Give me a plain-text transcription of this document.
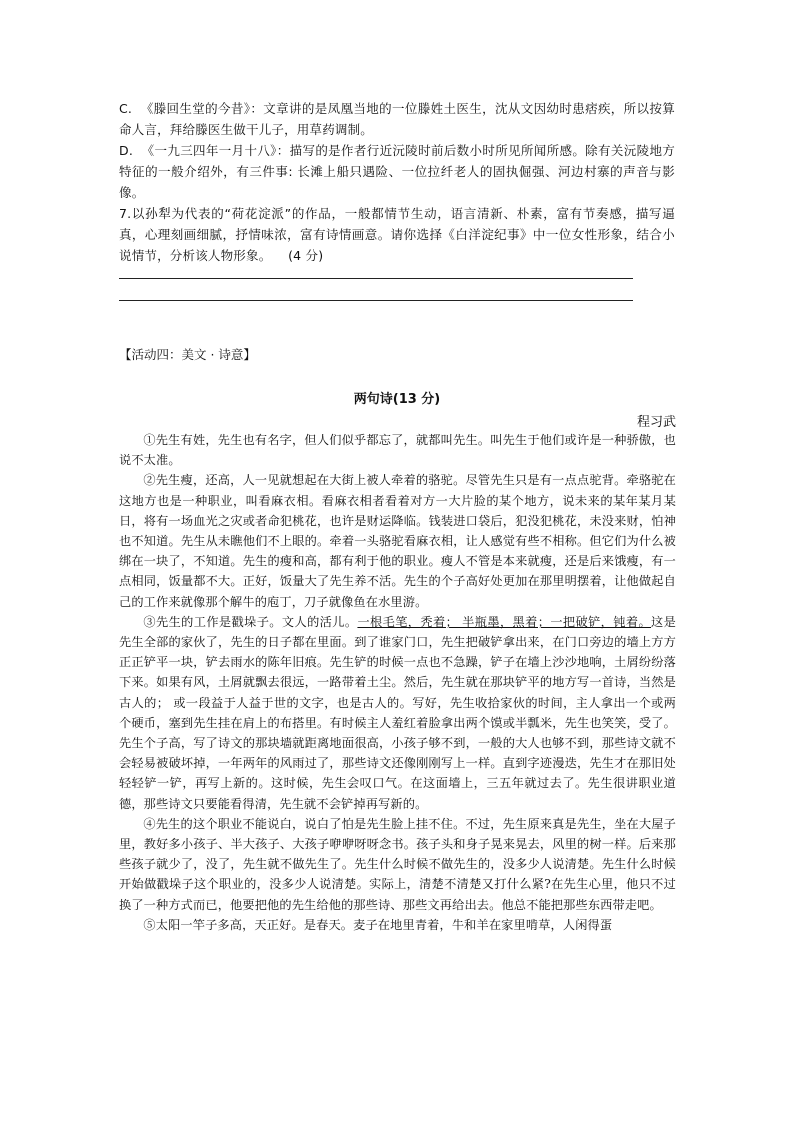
C. 《滕回生堂的今昔》：文章讲的是凤凰当地的一位滕姓土医生，沈从文因幼时患痞疾，所以按算命人言，拜给滕医生做干儿子，用草药调制。

D. 《一九三四年一月十八》：描写的是作者行近沅陵时前后数小时所见所闻所感。除有关沅陵地方特征的一般介绍外，有三件事: 长滩上船只遇险、一位拉纤老人的固执倔强、河边村寨的声音与影像。

7.以孙犁为代表的“荷花淀派”的作品，一般都情节生动，语言清新、朴素，富有节奏感，描写逼真，心理刻画细腻，抒情味浓，富有诗情画意。请你选择《白洋淀纪事》中一位女性形象，结合小说情节，分析该人物形象。 (4 分)

【活动四：美文 · 诗意】
两句诗(13 分)
程习武

①先生有姓，先生也有名字，但人们似乎都忘了，就都叫先生。叫先生于他们或许是一种骄傲，也说不太准。

②先生瘦，还高，人一见就想起在大街上被人牵着的骆驼。尽管先生只是有一点点驼背。牵骆驼在这地方也是一种职业，叫看麻衣相。看麻衣相者看着对方一大片脸的某个地方，说未来的某年某月某日，将有一场血光之灾或者命犯桃花，也许是财运降临。钱装进口袋后，犯没犯桃花，未没来财，怕神也不知道。先生从未瞧他们不上眼的。牵着一头骆驼看麻衣相，让人感觉有些不相称。但它们为什么被绑在一块了，不知道。先生的瘦和高，都有利于他的职业。瘦人不管是本来就瘦，还是后来饿瘦，有一点相同，饭量都不大。正好，饭量大了先生养不活。先生的个子高好处更加在那里明摆着，让他做起自己的工作来就像那个解牛的庖丁，刀子就像鱼在水里游。

③先生的工作是戳垛子。文人的活儿。一根毛笔，秃着； 半瓶墨，黑着；一把破铲，钝着。这是先生全部的家伙了，先生的日子都在里面。到了谁家门口，先生把破铲拿出来，在门口旁边的墙上方方正正铲平一块，铲去雨水的陈年旧痕。先生铲的时候一点也不急躁，铲子在墙上沙沙地响，土屑纷纷落下来。如果有风，土屑就飘去很远，一路带着土尘。然后，先生就在那块铲平的地方写一首诗，当然是古人的； 或一段益于人益于世的文字，也是古人的。写好，先生收拾家伙的时间，主人拿出一个或两个硬币，塞到先生挂在肩上的布搭里。有时候主人羞红着脸拿出两个馍或半瓢米，先生也笑笑，受了。先生个子高，写了诗文的那块墙就距离地面很高，小孩子够不到，一般的大人也够不到，那些诗文就不会轻易被破坏掉，一年两年的风雨过了，那些诗文还像刚刚写上一样。直到字迹漫迭，先生才在那旧处轻轻铲一铲，再写上新的。这时候，先生会叹口气。在这面墙上，三五年就过去了。先生很讲职业道德，那些诗文只要能看得清，先生就不会铲掉再写新的。

④先生的这个职业不能说白，说白了怕是先生脸上挂不住。不过，先生原来真是先生，坐在大屋子里，教好多小孩子、半大孩子、大孩子咿咿呀呀念书。孩子头和身子晃来晃去，风里的树一样。后来那些孩子就少了，没了，先生就不做先生了。先生什么时候不做先生的，没多少人说清楚。先生什么时候开始做戳垛子这个职业的，没多少人说清楚。实际上，清楚不清楚又打什么紧?在先生心里，他只不过换了一种方式而已，他要把他的先生给他的那些诗、那些文再给出去。他总不能把那些东西带走吧。

⑤太阳一竿子多高，天正好。是春天。麦子在地里青着，牛和羊在家里啃草，人闲得蛋
